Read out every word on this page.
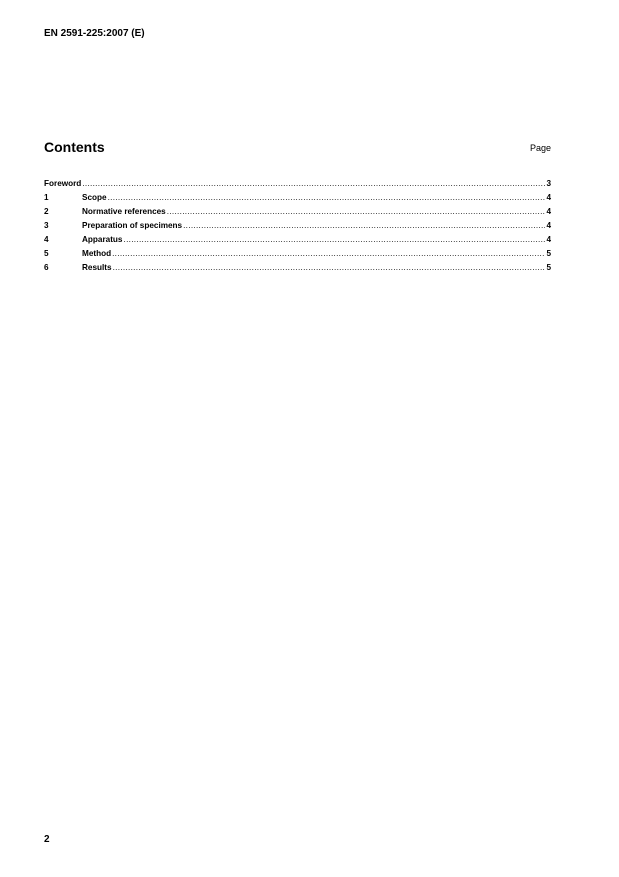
EN 2591-225:2007 (E)
Contents	Page
Foreword .....	3
1	Scope .....	4
2	Normative references .....	4
3	Preparation of specimens .....	4
4	Apparatus .....	4
5	Method .....	5
6	Results .....	5
2
